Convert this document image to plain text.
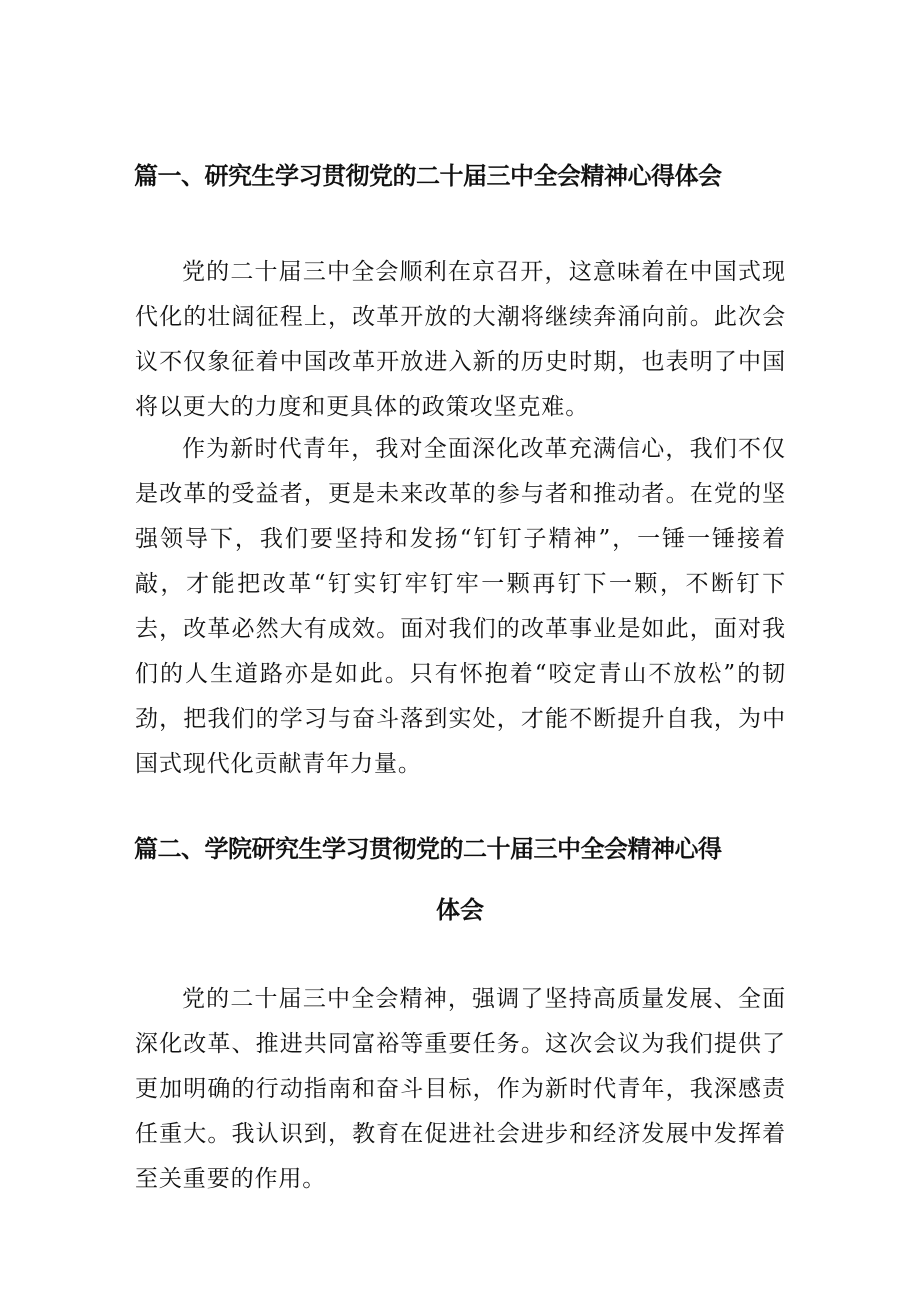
篇一、研究生学习贯彻党的二十届三中全会精神心得体会

党的二十届三中全会顺利在京召开，这意味着在中国式现代化的壮阔征程上，改革开放的大潮将继续奔涌向前。此次会议不仅象征着中国改革开放进入新的历史时期，也表明了中国将以更大的力度和更具体的政策攻坚克难。

作为新时代青年，我对全面深化改革充满信心，我们不仅是改革的受益者，更是未来改革的参与者和推动者。在党的坚强领导下，我们要坚持和发扬“钉钉子精神”，一锤一锤接着敲，才能把改革“钉实钉牢钉牢一颗再钉下一颗，不断钉下去，改革必然大有成效。面对我们的改革事业是如此，面对我们的人生道路亦是如此。只有怀抱着“咬定青山不放松”的韧劲，把我们的学习与奋斗落到实处，才能不断提升自我，为中国式现代化贡献青年力量。

篇二、学院研究生学习贯彻党的二十届三中全会精神心得
体会

党的二十届三中全会精神，强调了坚持高质量发展、全面深化改革、推进共同富裕等重要任务。这次会议为我们提供了更加明确的行动指南和奋斗目标，作为新时代青年，我深感责任重大。我认识到，教育在促进社会进步和经济发展中发挥着至关重要的作用。
